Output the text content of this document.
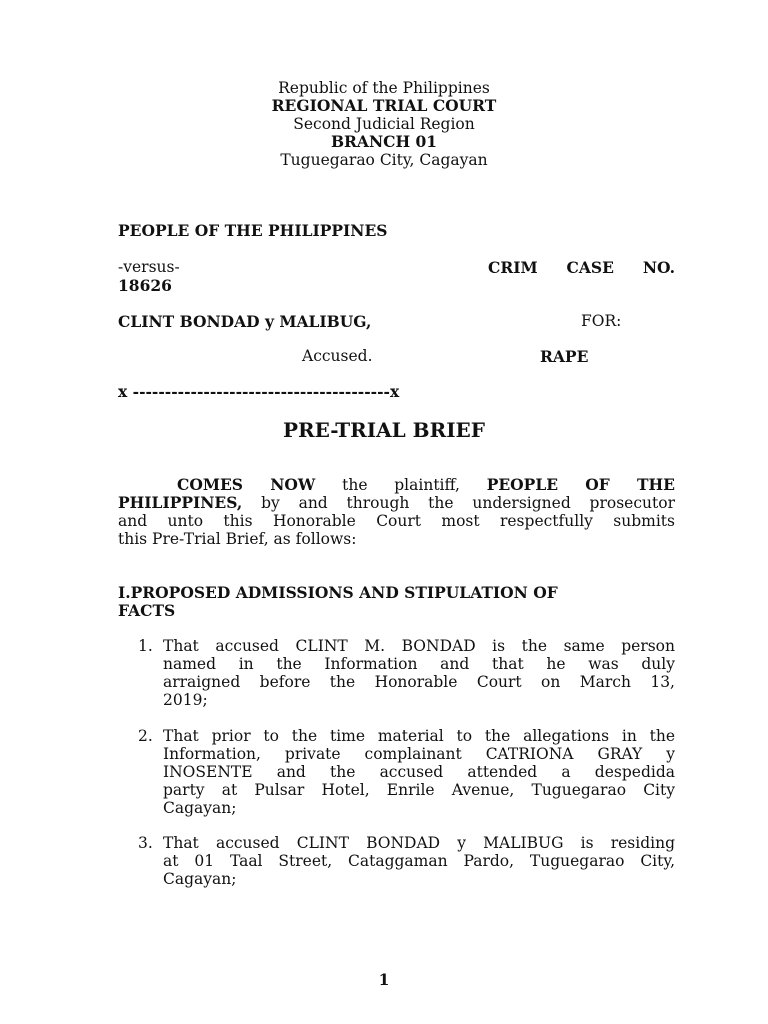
Republic of the Philippines
REGIONAL TRIAL COURT
Second Judicial Region
BRANCH 01
Tuguegarao City, Cagayan
PEOPLE OF THE PHILIPPINES
-versus-	CRIM CASE NO.
18626
CLINT BONDAD y MALIBUG,	FOR:
Accused.	RAPE
x ----------------------------------------x
PRE-TRIAL BRIEF
COMES NOW the plaintiff, PEOPLE OF THE
PHILIPPINES, by and through the undersigned prosecutor
and unto this Honorable Court most respectfully submits
this Pre-Trial Brief, as follows:
I.PROPOSED ADMISSIONS AND STIPULATION OF
FACTS
1. That accused CLINT M. BONDAD is the same person
named in the Information and that he was duly
arraigned before the Honorable Court on March 13,
2019;
2. That prior to the time material to the allegations in the
Information, private complainant CATRIONA GRAY y
INOSENTE and the accused attended a despedida
party at Pulsar Hotel, Enrile Avenue, Tuguegarao City
Cagayan;
3. That accused CLINT BONDAD y MALIBUG is residing
at 01 Taal Street, Cataggaman Pardo, Tuguegarao City,
Cagayan;
1
